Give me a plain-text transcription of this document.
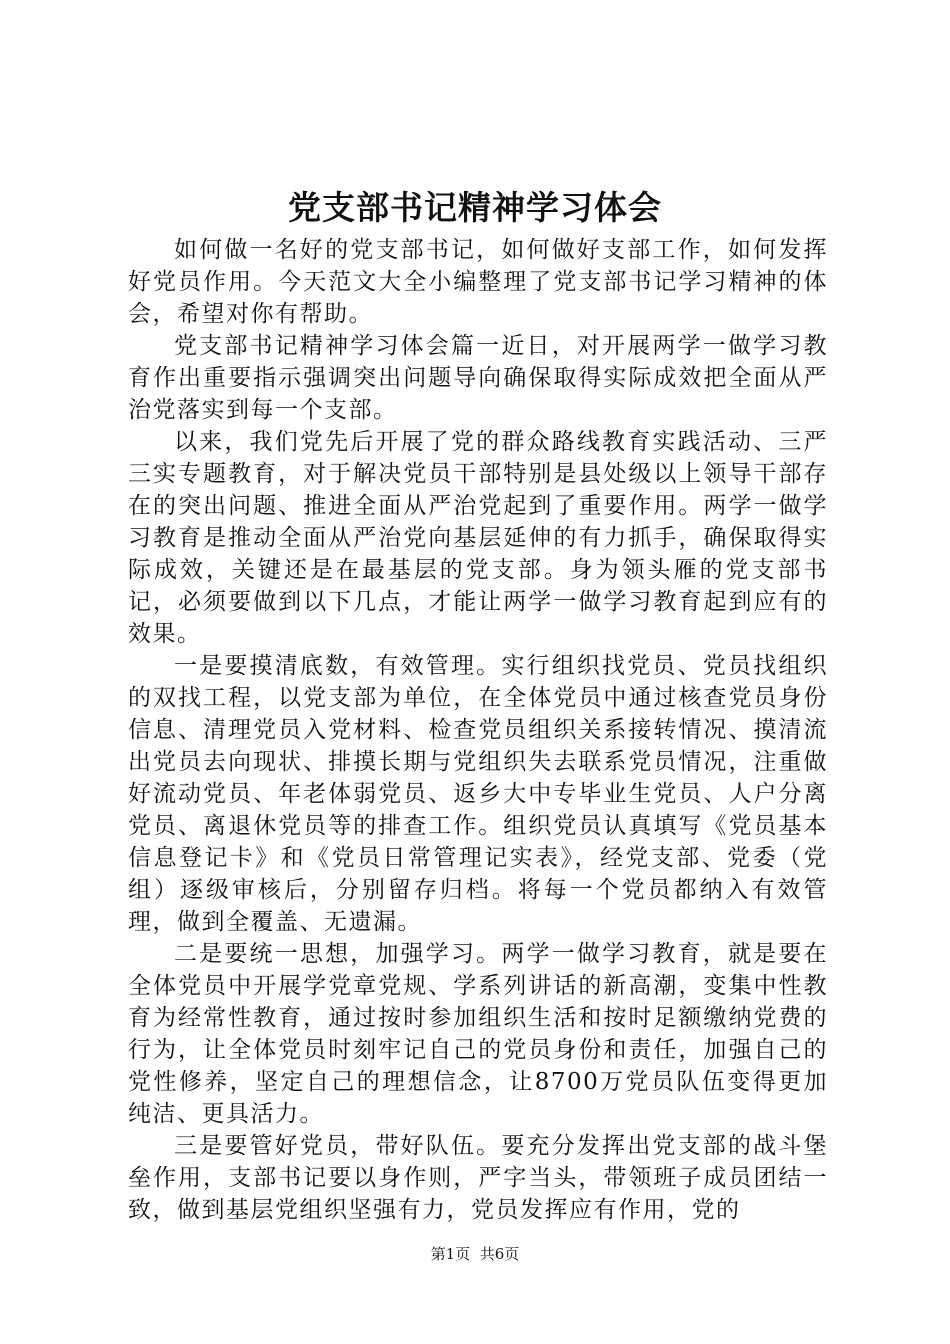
党支部书记精神学习体会

如何做一名好的党支部书记，如何做好支部工作，如何发挥好党员作用。今天范文大全小编整理了党支部书记学习精神的体会，希望对你有帮助。

党支部书记精神学习体会篇一近日，对开展两学一做学习教育作出重要指示强调突出问题导向确保取得实际成效把全面从严治党落实到每一个支部。

以来，我们党先后开展了党的群众路线教育实践活动、三严三实专题教育，对于解决党员干部特别是县处级以上领导干部存在的突出问题、推进全面从严治党起到了重要作用。两学一做学习教育是推动全面从严治党向基层延伸的有力抓手，确保取得实际成效，关键还是在最基层的党支部。身为领头雁的党支部书记，必须要做到以下几点，才能让两学一做学习教育起到应有的效果。

一是要摸清底数，有效管理。实行组织找党员、党员找组织的双找工程，以党支部为单位，在全体党员中通过核查党员身份信息、清理党员入党材料、检查党员组织关系接转情况、摸清流出党员去向现状、排摸长期与党组织失去联系党员情况，注重做好流动党员、年老体弱党员、返乡大中专毕业生党员、人户分离党员、离退休党员等的排查工作。组织党员认真填写《党员基本信息登记卡》和《党员日常管理记实表》，经党支部、党委（党组）逐级审核后，分别留存归档。将每一个党员都纳入有效管理，做到全覆盖、无遗漏。

二是要统一思想，加强学习。两学一做学习教育，就是要在全体党员中开展学党章党规、学系列讲话的新高潮，变集中性教育为经常性教育，通过按时参加组织生活和按时足额缴纳党费的行为，让全体党员时刻牢记自己的党员身份和责任，加强自己的党性修养，坚定自己的理想信念，让8700万党员队伍变得更加纯洁、更具活力。

三是要管好党员，带好队伍。要充分发挥出党支部的战斗堡垒作用，支部书记要以身作则，严字当头，带领班子成员团结一致，做到基层党组织坚强有力，党员发挥应有作用，党的

第1页 共6页
